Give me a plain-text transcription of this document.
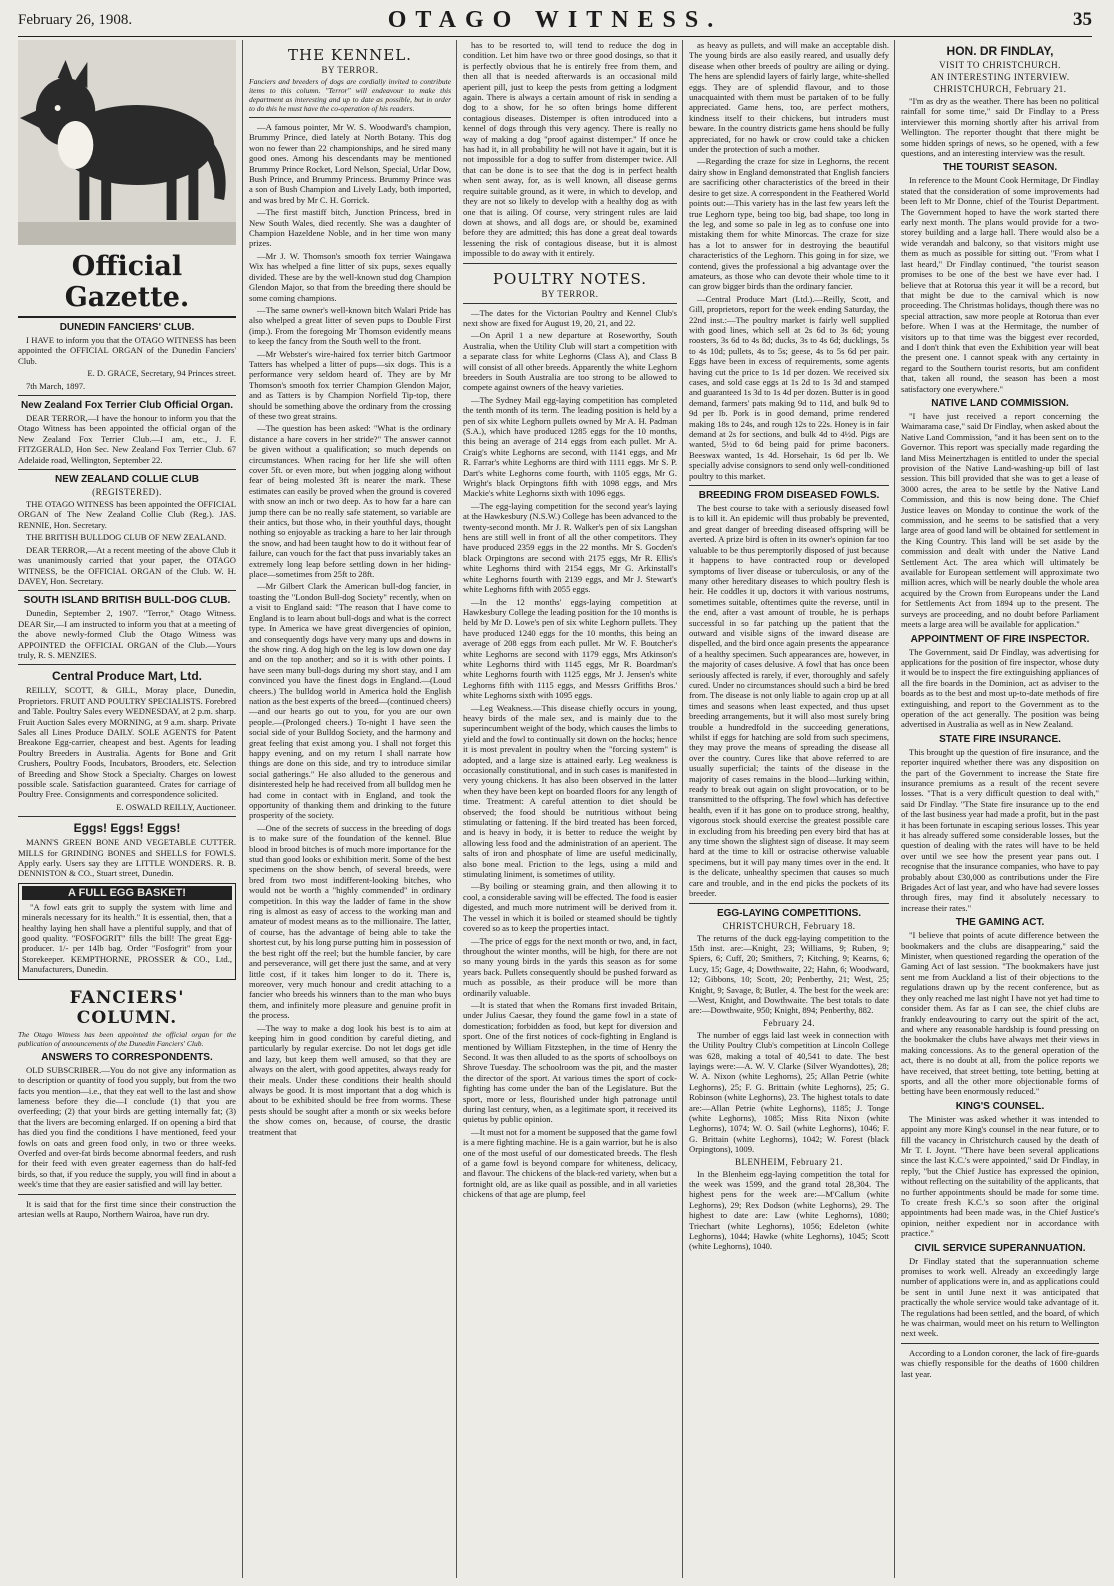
February 26, 1908.	OTAGO WITNESS.	35
Official Gazette.
DUNEDIN FANCIERS' CLUB.

I HAVE to inform you that the OTAGO WITNESS has been appointed the OFFICIAL ORGAN of the Dunedin Fanciers' Club.

E. D. GRACE, Secretary, 94 Princes street.

7th March, 1897.

New Zealand Fox Terrier Club Official Organ.

DEAR TERROR,—I have the honour to inform you that the Otago Witness has been appointed the official organ of the New Zealand Fox Terrier Club.—I am, etc., J. F. FITZGERALD, Hon Sec. New Zealand Fox Terrier Club. 67 Adelaide road, Wellington, September 22.

NEW ZEALAND COLLIE CLUB
(REGISTERED).

THE OTAGO WITNESS has been appointed the OFFICIAL ORGAN of The New Zealand Collie Club (Reg.). JAS. RENNIE, Hon. Secretary.

THE BRITISH BULLDOG CLUB OF NEW ZEALAND.

DEAR TERROR,—At a recent meeting of the above Club it was unanimously carried that your paper, the OTAGO WITNESS, be the OFFICIAL ORGAN of the Club. W. H. DAVEY, Hon. Secretary.

SOUTH ISLAND BRITISH BULL-DOG CLUB.

Dunedin, September 2, 1907. "Terror," Otago Witness. DEAR Sir,—I am instructed to inform you that at a meeting of the above newly-formed Club the Otago Witness was APPOINTED the OFFICIAL ORGAN of the Club.—Yours truly, R. S. MENZIES.

Central Produce Mart, Ltd.

REILLY, SCOTT, & GILL, Moray place, Dunedin, Proprietors. FRUIT AND POULTRY SPECIALISTS. Forebred and Table. Poultry Sales every WEDNESDAY, at 2 p.m. sharp. Fruit Auction Sales every MORNING, at 9 a.m. sharp. Private Sales all Lines Produce DAILY. SOLE AGENTS for Patent Breakone Egg-carrier, cheapest and best. Agents for leading Poultry Breeders in Australia. Agents for Bone and Grit Crushers, Poultry Foods, Incubators, Brooders, etc. Selection of Breeding and Show Stock a Specialty. Charges on lowest possible scale. Satisfaction guaranteed. Crates for carriage of Poultry Free. Consignments and correspondence solicited.

E. OSWALD REILLY, Auctioneer.

Eggs! Eggs! Eggs!

MANN'S GREEN BONE AND VEGETABLE CUTTER. MILLS for GRINDING BONES and SHELLS for FOWLS. Apply early. Users say they are LITTLE WONDERS. R. B. DENNISTON & CO., Stuart street, Dunedin.

A FULL EGG BASKET!

"A fowl eats grit to supply the system with lime and minerals necessary for its health." It is essential, then, that a healthy laying hen shall have a plentiful supply, and that of good quality. "FOSFOGRIT" fills the bill! The great Egg-producer. 1/- per 14lb bag. Order "Fosfogrit" from your Storekeeper. KEMPTHORNE, PROSSER & CO., Ltd., Manufacturers, Dunedin.

FANCIERS' COLUMN.

The Otago Witness has been appointed the official organ for the publication of announcements of the Dunedin Fanciers' Club.

ANSWERS TO CORRESPONDENTS.

OLD SUBSCRIBER.—You do not give any information as to description or quantity of food you supply, but from the two facts you mention—i.e., that they eat well to the last and show lameness before they die—I conclude (1) that you are overfeeding; (2) that your birds are getting internally fat; (3) that the livers are becoming enlarged. If on opening a bird that has died you find the conditions I have mentioned, feed your fowls on oats and green food only, in two or three weeks. Overfed and over-fat birds become abnormal feeders, and rush for their feed with even greater eagerness than do half-fed birds, so that, if you reduce the supply, you will find in about a week's time that they are easier satisfied and will lay better.

It is said that for the first time since their construction the artesian wells at Raupo, Northern Wairoa, have run dry.

THE KENNEL.
BY TERROR.

Fanciers and breeders of dogs are cordially invited to contribute items to this column. "Terror" will endeavour to make this department as interesting and up to date as possible, but in order to do this he must have the co-operation of his readers.

—A famous pointer, Mr W. S. Woodward's champion, Brummy Prince, died lately at North Botany. This dog won no fewer than 22 championships, and he sired many good ones. Among his descendants may be mentioned Brummy Prince Rocket, Lord Nelson, Special, Urlar Dow, Bush Prince, and Brummy Princess. Brummy Prince was a son of Bush Champion and Lively Lady, both imported, and was bred by Mr C. H. Gorrick.

—The first mastiff bitch, Junction Princess, bred in New South Wales, died recently. She was a daughter of Champion Hazeldene Noble, and in her time won many prizes.

—Mr J. W. Thomson's smooth fox terrier Waingawa Wix has whelped a fine litter of six pups, sexes equally divided. These are by the well-known stud dog Champion Glendon Major, so that from the breeding there should be some coming champions.

—The same owner's well-known bitch Walari Pride has also whelped a great litter of seven pups to Double First (imp.). From the foregoing Mr Thomson evidently means to keep the fancy from the South well to the front.

—Mr Webster's wire-haired fox terrier bitch Gartmoor Tatters has whelped a litter of pups—six dogs. This is a performance very seldom heard of. They are by Mr Thomson's smooth fox terrier Champion Glendon Major, and as Tatters is by Champion Norfield Tip-top, there should be something above the ordinary from the crossing of these two great strains.

—The question has been asked: "What is the ordinary distance a hare covers in her stride?" The answer cannot be given without a qualification; so much depends on circumstances. When racing for her life she will often cover 5ft. or even more, but when jogging along without fear of being molested 3ft is nearer the mark. These estimates can easily be proved when the ground is covered with snow an inch or two deep. As to how far a hare can jump there can be no really safe statement, so variable are their antics, but those who, in their youthful days, thought nothing so enjoyable as tracking a hare to her lair through the snow, and had been taught how to do it without fear of failure, can vouch for the fact that puss invariably takes an extremely long leap before settling down in her hiding-place—sometimes from 25ft to 28ft.

—Mr Gilbert Clark the American bull-dog fancier, in toasting the "London Bull-dog Society" recently, when on a visit to England said: "The reason that I have come to England is to learn about bull-dogs and what is the correct type. In America we have great divergencies of opinion, and consequently dogs have very many ups and downs in the show ring. A dog high on the leg is low down one day and on the top another; and so it is with other points. I have seen many bull-dogs during my short stay, and I am convinced you have the finest dogs in England.—(Loud cheers.) The bulldog world in America hold the English nation as the best experts of the breed—(continued cheers)—and our hearts go out to you, for you are our own people.—(Prolonged cheers.) To-night I have seen the social side of your Bulldog Society, and the harmony and great feeling that exist among you. I shall not forget this happy evening, and on my return I shall narrate how things are done on this side, and try to introduce similar social gatherings." He also alluded to the generous and disinterested help he had received from all bulldog men he had come in contact with in England, and took the opportunity of thanking them and drinking to the future prosperity of the society.

—One of the secrets of success in the breeding of dogs is to make sure of the foundation of the kennel. Blue blood in brood bitches is of much more importance for the stud than good looks or exhibition merit. Some of the best specimens on the show bench, of several breeds, were bred from two most indifferent-looking bitches, who would not be worth a "highly commended" in ordinary competition. In this way the ladder of fame in the show ring is almost as easy of access to the working man and amateur of modest means as to the millionaire. The latter, of course, has the advantage of being able to take the shortest cut, by his long purse putting him in possession of the best right off the reel; but the humble fancier, by care and perseverance, will get there just the same, and at very little cost, if it takes him longer to do it. There is, moreover, very much honour and credit attaching to a fancier who breeds his winners than to the man who buys them, and infinitely more pleasure and genuine profit in the process.

—The way to make a dog look his best is to aim at keeping him in good condition by careful dieting, and particularly by regular exercise. Do not let dogs get idle and lazy, but keep them well amused, so that they are always on the alert, with good appetites, always ready for their meals. Under these conditions their health should always be good. It is most important that a dog which is about to be exhibited should be free from worms. These pests should be sought after a month or six weeks before the show comes on, because, of course, the drastic treatment that

has to be resorted to, will tend to reduce the dog in condition. Let him have two or three good dosings, so that it is perfectly obvious that he is entirely free from them, and then all that is needed afterwards is an occasional mild aperient pill, just to keep the pests from getting a lodgment again. There is always a certain amount of risk in sending a dog to a show, for he so often brings home different contagious diseases. Distemper is often introduced into a kennel of dogs through this very agency. There is really no way of making a dog "proof against distemper." If once he has had it, in all probability he will not have it again, but it is not impossible for a dog to suffer from distemper twice. All that can be done is to see that the dog is in perfect health when sent away, for, as is well known, all disease germs require suitable ground, as it were, in which to develop, and they are not so likely to develop with a healthy dog as with one that is ailing. Of course, very stringent rules are laid down at shows, and all dogs are, or should be, examined before they are admitted; this has done a great deal towards lessening the risk of contagious disease, but it is almost impossible to do away with it entirely.

POULTRY NOTES.
BY TERROR.

—The dates for the Victorian Poultry and Kennel Club's next show are fixed for August 19, 20, 21, and 22.

—On April 1 a new departure at Roseworthy, South Australia, when the Utility Club will start a competition with a separate class for white Leghorns (Class A), and Class B will consist of all other breeds. Apparently the white Leghorn breeders in South Australia are too strong to be allowed to compete against owners of the heavy varieties.

—The Sydney Mail egg-laying competition has completed the tenth month of its term. The leading position is held by a pen of six white Leghorn pullets owned by Mr A. H. Padman (S.A.), which have produced 1285 eggs for the 10 months, this being an average of 214 eggs from each pullet. Mr A. Craig's white Leghorns are second, with 1141 eggs, and Mr R. Farrar's white Leghorns are third with 1111 eggs. Mr S. P. Dart's white Leghorns come fourth, with 1105 eggs, Mr G. Wright's black Orpingtons fifth with 1098 eggs, and Mrs Mackie's white Leghorns sixth with 1096 eggs.

—The egg-laying competition for the second year's laying at the Hawkesbury (N.S.W.) College has been advanced to the twenty-second month. Mr J. R. Walker's pen of six Langshan hens are still well in front of all the other competitors. They have produced 2359 eggs in the 22 months. Mr S. Gocden's black Orpingtons are second with 2175 eggs, Mr R. Ellis's white Leghorns third with 2154 eggs, Mr G. Arkinstall's white Leghorns fourth with 2139 eggs, and Mr J. Stewart's white Leghorns fifth with 2055 eggs.

—In the 12 months' eggs-laying competition at Hawkesbury College the leading position for the 10 months is held by Mr D. Lowe's pen of six white Leghorn pullets. They have produced 1240 eggs for the 10 months, this being an average of 208 eggs from each pullet. Mr W. F. Boutcher's white Leghorns are second with 1179 eggs, Mrs Atkinson's white Leghorns third with 1145 eggs, Mr R. Boardman's white Leghorns fourth with 1125 eggs, Mr J. Jensen's white Leghorns fifth with 1115 eggs, and Messrs Griffiths Bros.' white Leghorns sixth with 1095 eggs.

—Leg Weakness.—This disease chiefly occurs in young, heavy birds of the male sex, and is mainly due to the superincumbent weight of the body, which causes the limbs to yield and the fowl to continually sit down on the hocks; hence it is most prevalent in poultry when the "forcing system" is adopted, and a large size is attained early. Leg weakness is occasionally constitutional, and in such cases is manifested in very young chickens. It has also been observed in the latter when they have been kept on boarded floors for any length of time. Treatment: A careful attention to diet should be observed; the food should be nutritious without being stimulating or fattening. If the bird treated has been forced, and is heavy in body, it is better to reduce the weight by allowing less food and the administration of an aperient. The salts of iron and phosphate of lime are useful medicinally, also bone meal. Friction to the legs, using a mild and stimulating liniment, is sometimes of utility.

—By boiling or steaming grain, and then allowing it to cool, a considerable saving will be effected. The food is easier digested, and much more nutriment will be derived from it. The vessel in which it is boiled or steamed should be tightly covered so as to keep the properties intact.

—The price of eggs for the next month or two, and, in fact, throughout the winter months, will be high, for there are not so many young birds in the yards this season as for some years back. Pullets consequently should be pushed forward as much as possible, as their produce will be more than ordinarily valuable.

—It is stated that when the Romans first invaded Britain, under Julius Caesar, they found the game fowl in a state of domestication; forbidden as food, but kept for diversion and sport. One of the first notices of cock-fighting in England is mentioned by William Fitzstephen, in the time of Henry the Second. It was then alluded to as the sports of schoolboys on Shrove Tuesday. The schoolroom was the pit, and the master the director of the sport. At various times the sport of cock-fighting has come under the ban of the Legislature. But the sport, more or less, flourished under high patronage until during last century, when, as a legitimate sport, it received its quietus by public opinion.

—It must not for a moment be supposed that the game fowl is a mere fighting machine. He is a gain warrior, but he is also one of the most useful of our domesticated breeds. The flesh of a game fowl is beyond compare for whiteness, delicacy, and flavour. The chickens of the black-red variety, when but a fortnight old, are as like quail as possible, and in all varieties chickens of that age are plump, feel

as heavy as pullets, and will make an acceptable dish. The young birds are also easily reared, and usually defy disease when other breeds of poultry are ailing or dying. The hens are splendid layers of fairly large, white-shelled eggs. They are of splendid flavour, and to those unacquainted with them must be partaken of to be fully appreciated. Game hens, too, are perfect mothers, kindness itself to their chickens, but intruders must beware. In the country districts game hens should be fully appreciated, for no hawk or crow could take a chicken under the protection of such a mother.

—Regarding the craze for size in Leghorns, the recent dairy show in England demonstrated that English fanciers are sacrificing other characteristics of the breed in their desire to get size. A correspondent in the Feathered World points out:—This variety has in the last few years left the true Leghorn type, being too big, bad shape, too long in the leg, and some so pale in leg as to confuse one into mistaking them for white Minorcas. The craze for size has a lot to answer for in destroying the beautiful characteristics of the Leghorn. This going in for size, we contend, gives the professional a big advantage over the amateurs, as those who can devote their whole time to it can grow bigger birds than the ordinary fancier.

—Central Produce Mart (Ltd.).—Reilly, Scott, and Gill, proprietors, report for the week ending Saturday, the 22nd inst.:—The poultry market is fairly well supplied with good lines, which sell at 2s 6d to 3s 6d; young roosters, 3s 6d to 4s 8d; ducks, 3s to 4s 6d; ducklings, 5s to 4s 10d; pullets, 4s to 5s; geese, 4s to 5s 6d per pair. Eggs have been in excess of requirements, some agents having cut the price to 1s 1d per dozen. We received six cases, and sold case eggs at 1s 2d to 1s 3d and stamped and guaranteed 1s 3d to 1s 4d per dozen. Butter is in good demand, farmers' pats making 9d to 11d, and bulk 9d to 9d per lb. Pork is in good demand, prime rendered making 18s to 24s, and rough 12s to 22s. Honey is in fair demand at 2s for sections, and bulk 4d to 4½d. Pigs are wanted, 5½d to 6d being paid for prime baconers. Beeswax wanted, 1s 4d. Horsehair, 1s 6d per lb. We specially advise consignors to send only well-conditioned poultry to this market.

BREEDING FROM DISEASED FOWLS.

The best course to take with a seriously diseased fowl is to kill it. An epidemic will thus probably be prevented, and great danger of breeding diseased offspring will be averted. A prize bird is often in its owner's opinion far too valuable to be thus peremptorily disposed of just because it happens to have contracted roup or developed symptoms of liver disease or tuberculosis, or any of the many other hereditary diseases to which poultry flesh is heir. He coddles it up, doctors it with various nostrums, sometimes suitable, oftentimes quite the reverse, until in the end, after a vast amount of trouble, he is perhaps successful in so far patching up the patient that the outward and visible signs of the inward disease are dispelled, and the bird once again presents the appearance of a healthy specimen. Such appearances are, however, in the majority of cases delusive. A fowl that has once been seriously affected is rarely, if ever, thoroughly and safely cured. Under no circumstances should such a bird be bred from. The disease is not only liable to again crop up at all times and seasons when least expected, and thus upset breeding arrangements, but it will also most surely bring trouble a hundredfold in the succeeding generations, whilst if eggs for hatching are sold from such specimens, they may prove the means of spreading the disease all over the country. Cures like that above referred to are usually superficial; the taints of the disease in the majority of cases remains in the blood—lurking within, ready to break out again on slight provocation, or to be transmitted to the offspring. The fowl which has defective health, even if it has gone on to produce strong, healthy, vigorous stock should exercise the greatest possible care in excluding from his breeding pen every bird that has at any time shown the slightest sign of disease. It may seem hard at the time to kill or ostracise otherwise valuable specimens, but it will pay many times over in the end. It is the delicate, unhealthy specimen that causes so much care and trouble, and in the end picks the pockets of its breeder.

EGG-LAYING COMPETITIONS.
CHRISTCHURCH, February 18.

The returns of the duck egg-laying competition to the 15th inst. are:—Knight, 23; Williams, 9; Ruben, 9; Spiers, 6; Cuff, 20; Smithers, 7; Kitching, 9; Kearns, 6; Lucy, 15; Gage, 4; Dowthwaite, 22; Hahn, 6; Woodward, 12; Gibbons, 10; Scott, 20; Penberthy, 21; West, 25; Knight, 9; Savage, 8; Butler, 4. The best for the week are:—West, Knight, and Dowthwaite. The best totals to date are:—Dowthwaite, 950; Knight, 894; Penberthy, 882.

February 24.

The number of eggs laid last week in connection with the Utility Poultry Club's competition at Lincoln College was 628, making a total of 40,541 to date. The best layings were:—A. W. V. Clarke (Silver Wyandottes), 28; W. A. Nixon (white Leghorns), 25; Allan Petrie (white Leghorns), 25; F. G. Brittain (white Leghorns), 25; G. Robinson (white Leghorns), 23. The highest totals to date are:—Allan Petrie (white Leghorns), 1185; J. Tonge (white Leghorns), 1085; Miss Rita Nixon (white Leghorns), 1074; W. O. Sail (white Leghorns), 1046; F. G. Brittain (white Leghorns), 1042; W. Forest (black Orpingtons), 1009.

BLENHEIM, February 21.

In the Blenheim egg-laying competition the total for the week was 1599, and the grand total 28,304. The highest pens for the week are:—M'Callum (white Leghorns), 29; Rex Dodson (white Leghorns), 29. The highest to date are: Law (white Leghorns), 1080; Triechart (white Leghorns), 1056; Edeleton (white Leghorns), 1044; Hawke (white Leghorns), 1045; Scott (white Leghorns), 1040.

HON. DR FINDLAY,
VISIT TO CHRISTCHURCH.
AN INTERESTING INTERVIEW.
CHRISTCHURCH, February 21.

"I'm as dry as the weather. There has been no political rainfall for some time," said Dr Findlay to a Press interviewer this morning shortly after his arrival from Wellington. The reporter thought that there might be some hidden springs of news, so he opened, with a few questions, and an interesting interview was the result.

THE TOURIST SEASON.

In reference to the Mount Cook Hermitage, Dr Findlay stated that the consideration of some improvements had been left to Mr Donne, chief of the Tourist Department. The Government hoped to have the work started there early next month. The plans would provide for a two-storey building and a large hall. There would also be a wide verandah and balcony, so that visitors might use them as much as possible for sitting out. "From what I last heard," Dr Findlay continued, "the tourist season promises to be one of the best we have ever had. I believe that at Rotorua this year it will be a record, but that might be due to the carnival which is now proceeding. The Christmas holidays, though there was no special attraction, saw more people at Rotorua than ever before. When I was at the Hermitage, the number of visitors up to that time was the biggest ever recorded, and I don't think that even the Exhibition year will beat the present one. I cannot speak with any certainty in regard to the Southern tourist resorts, but am confident that, taken all round, the season has been a most satisfactory one everywhere."

NATIVE LAND COMMISSION.

"I have just received a report concerning the Waimarama case," said Dr Findlay, when asked about the Native Land Commission, "and it has been sent on to the Governor. This report was specially made regarding the land Miss Meinertzhagen is entitled to under the special provision of the Native Land-washing-up bill of last session. This bill provided that she was to get a lease of 3000 acres, the area to be settle by the Native Land Commission, and this is now being done. The Chief Justice leaves on Monday to continue the work of the commission, and he seems to be satisfied that a very large area of good land will be obtained for settlement in the King Country. This land will be set aside by the commission and dealt with under the Native Land Settlement Act. The area which will ultimately be available for European settlement will approximate two million acres, which will be nearly double the whole area acquired by the Crown from Europeans under the Land for Settlements Act from 1894 up to the present. The surveys are proceeding, and no doubt before Parliament meets a large area will be available for application."

APPOINTMENT OF FIRE INSPECTOR.

The Government, said Dr Findlay, was advertising for applications for the position of fire inspector, whose duty it would be to inspect the fire extinguishing appliances of all the fire boards in the Dominion, act as adviser to the boards as to the best and most up-to-date methods of fire extinguishing, and report to the Government as to the operation of the act generally. The position was being advertised in Australia as well as in New Zealand.

STATE FIRE INSURANCE.

This brought up the question of fire insurance, and the reporter inquired whether there was any disposition on the part of the Government to increase the State fire insurance premiums as a result of the recent severe losses. "That is a very difficult question to deal with," said Dr Findlay. "The State fire insurance up to the end of the last business year had made a profit, but in the past it has been fortunate in escaping serious losses. This year it has already suffered some considerable losses, but the question of dealing with the rates will have to be held over until we see how the present year pans out. I recognise that the insurance companies, who have to pay probably about £30,000 as contributions under the Fire Brigades Act of last year, and who have had severe losses through fires, may find it absolutely necessary to increase their rates."

THE GAMING ACT.

"I believe that points of acute difference between the bookmakers and the clubs are disappearing," said the Minister, when questioned regarding the operation of the Gaming Act of last session. "The bookmakers have just sent me from Auckland a list of their objections to the regulations drawn up by the recent conference, but as they only reached me last night I have not yet had time to consider them. As far as I can see, the chief clubs are frankly endeavouring to carry out the spirit of the act, and where any reasonable hardship is found pressing on the bookmaker the clubs have always met their views in making concessions. As to the general operation of the act, there is no doubt at all, from the police reports we have received, that street betting, tote betting, betting at sports, and all the other more objectionable forms of betting have been enormously reduced."

KING'S COUNSEL.

The Minister was asked whether it was intended to appoint any more King's counsel in the near future, or to fill the vacancy in Christchurch caused by the death of Mr T. I. Joynt. "There have been several applications since the last K.C.'s were appointed," said Dr Findlay, in reply, "but the Chief Justice has expressed the opinion, without reflecting on the suitability of the applicants, that no further appointments should be made for some time. To create fresh K.C.'s so soon after the original appointments had been made was, in the Chief Justice's opinion, neither expedient nor in accordance with practice."

CIVIL SERVICE SUPERANNUATION.

Dr Findlay stated that the superannuation scheme promises to work well. Already an exceedingly large number of applications were in, and as applications could be sent in until June next it was anticipated that practically the whole service would take advantage of it. The regulations had been settled, and the board, of which he was chairman, would meet on his return to Wellington next week.

According to a London coroner, the lack of fire-guards was chiefly responsible for the deaths of 1600 children last year.
